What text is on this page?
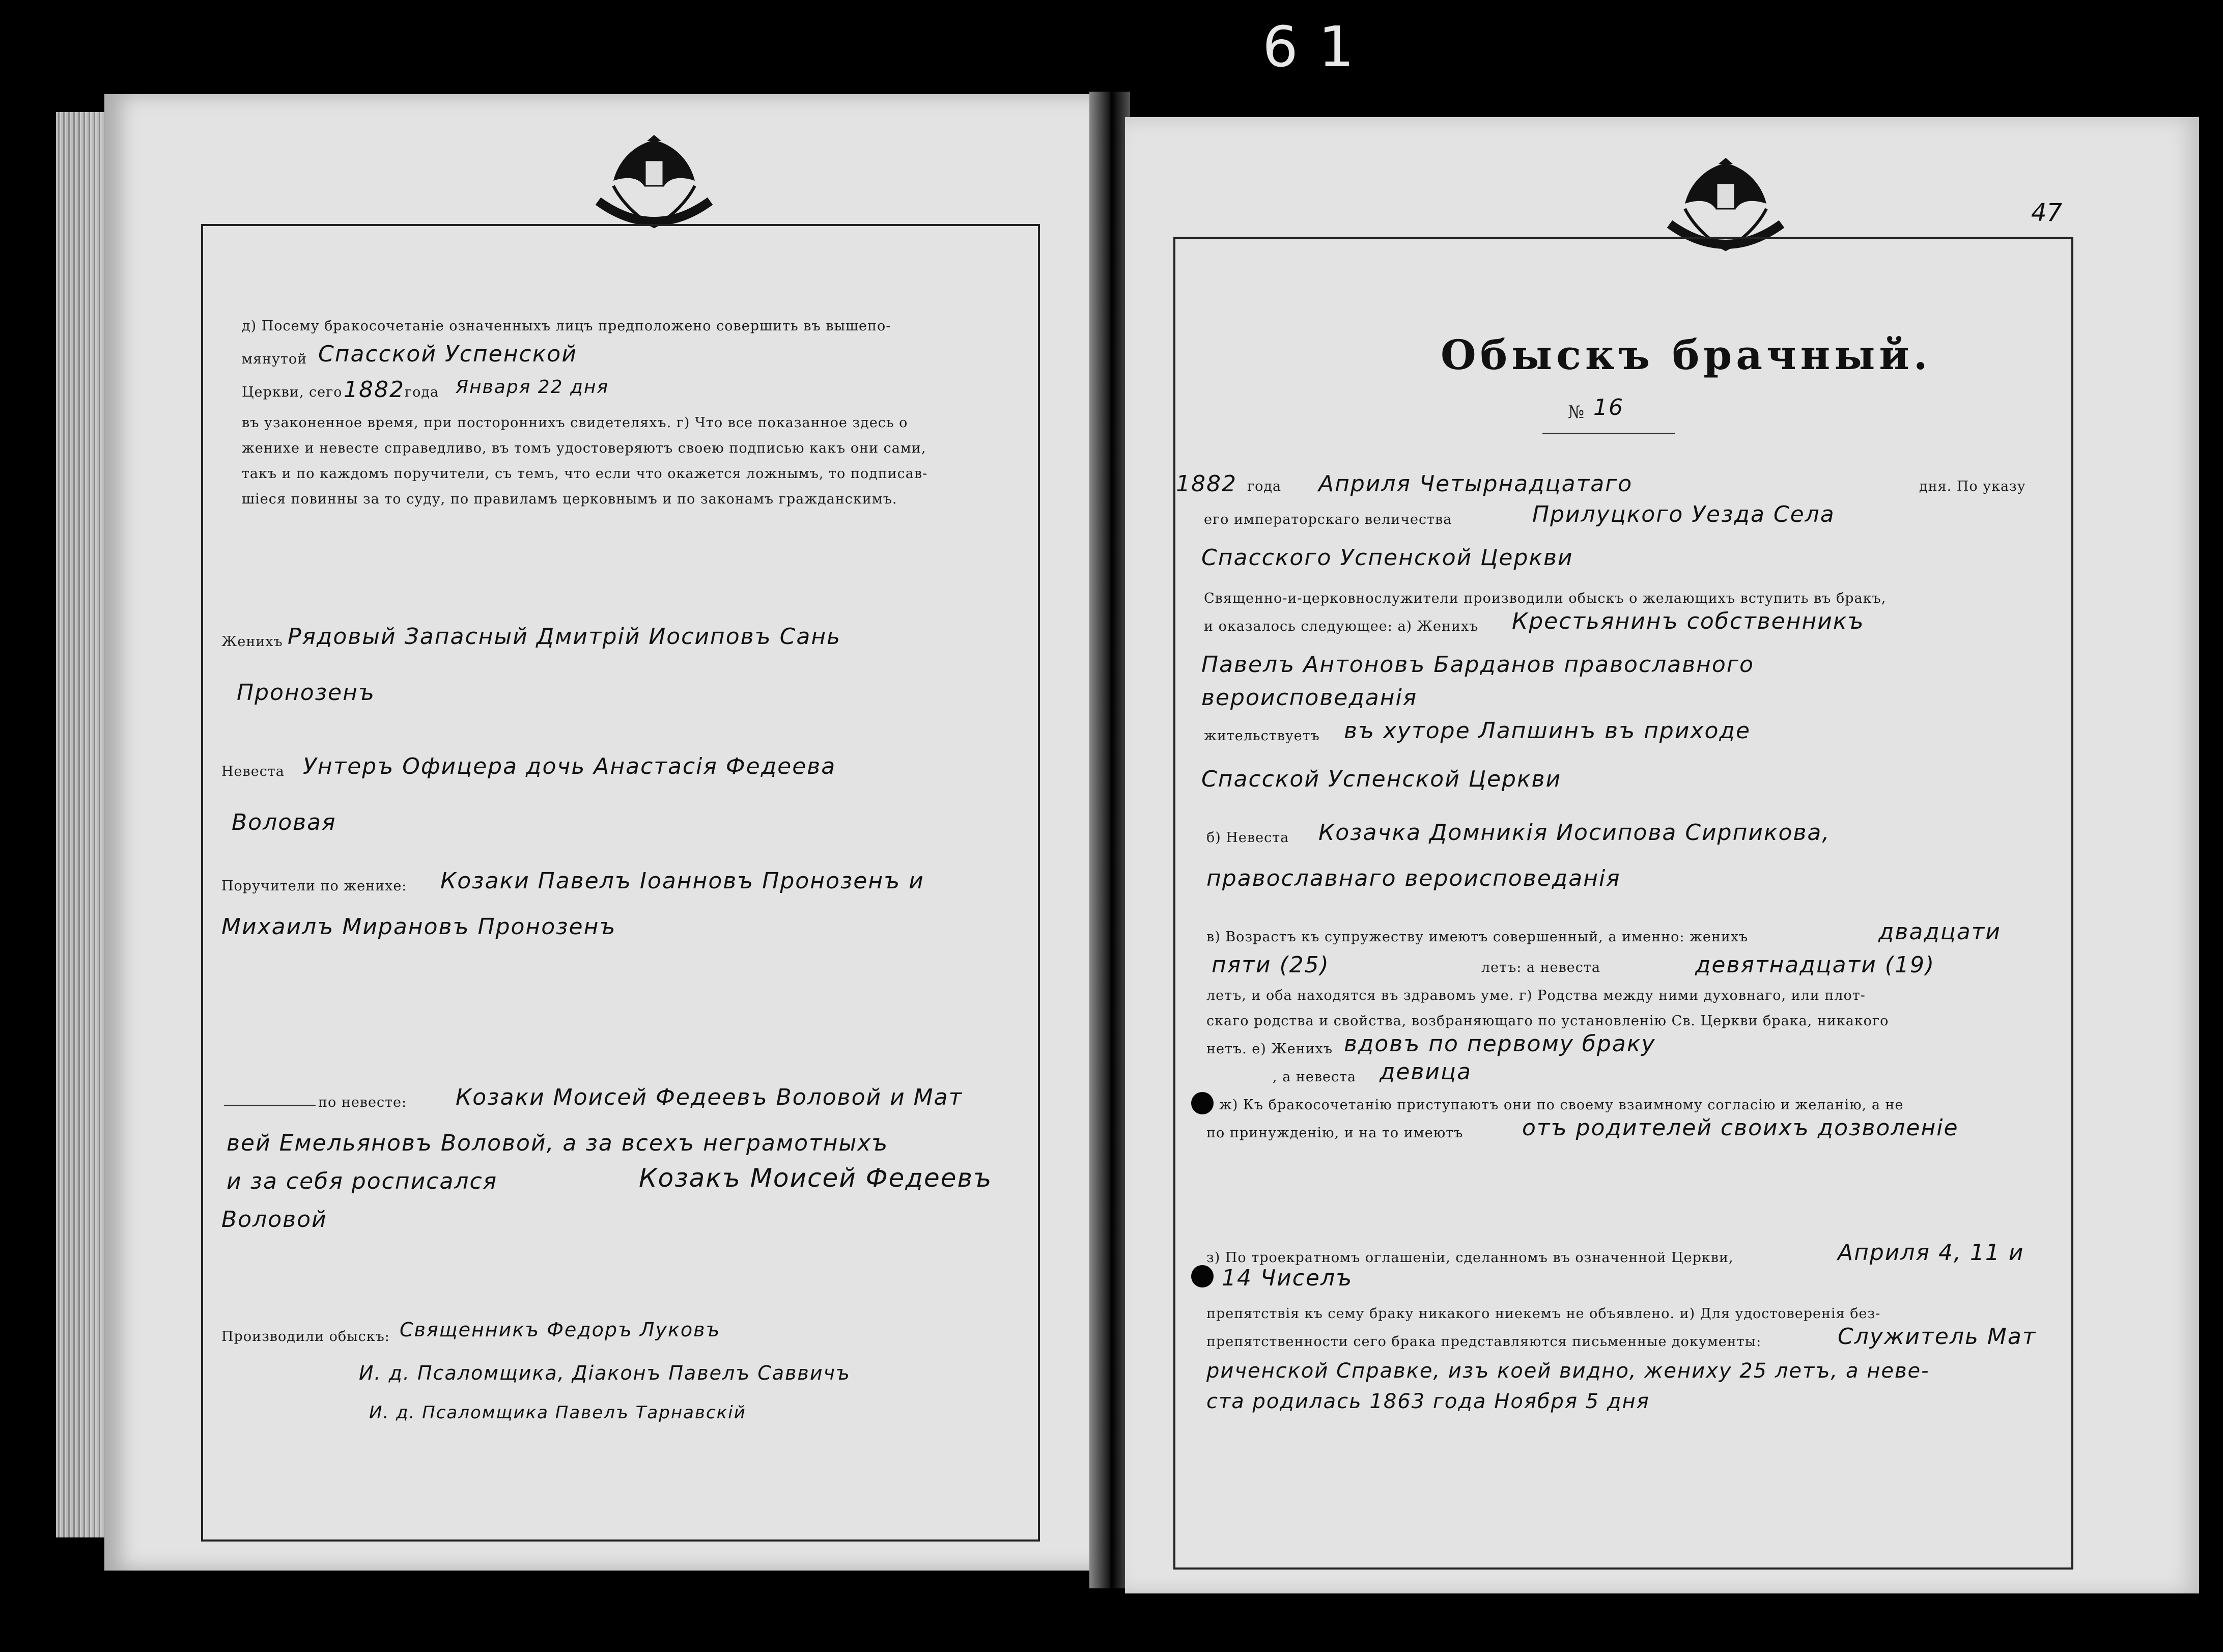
61
д) Посему бракосочетанiе означенныхъ лицъ предположено совершить въ вышепо-
мянутой Спасской Успенской
Церкви, сего 1882 года Января 22 дня
въ узаконенное время, при постороннихъ свидетеляхъ. г) Что все показанное здесь о
женихе и невесте справедливо, въ томъ удостоверяютъ своею подписью какъ они сами,
такъ и по каждомъ поручители, съ темъ, что если что окажется ложнымъ, то подписав-
шiеся повинны за то суду, по правиламъ церковнымъ и по законамъ гражданскимъ.
Женихъ Рядовый Запасный Дмитрiй Иосиповъ Сань
Пронозенъ
Невеста Унтеръ Офицера дочь Анастасiя Федеева
Воловая
Поручители по женихе: Козаки Павелъ Iоанновъ Пронозенъ и
Михаилъ Мирановъ Пронозенъ
по невесте: Козаки Моисей Федеевъ Воловой и Мат
вей Емельяновъ Воловой, а за всехъ неграмотныхъ
и за себя росписался	Козакъ Моисей Федеевъ
Воловой
Производили обыскъ: Священникъ Федоръ Луковъ
И. д. Псаломщика, Діаконъ Павелъ Саввичъ
И. д. Псаломщика Павелъ Тарнавскiй
47
Обыскъ брачный.
№ 16
1882 года Априля Четырнадцатаго	дня. По указу
его императорскаго величества	Прилуцкого Уезда Села
Спасского Успенской Церкви
Священно-и-церковнослужители производили обыскъ о желающихъ вступить въ бракъ,
и оказалось следующее: а) Женихъ Крестьянинъ собственникъ
Павелъ Антоновъ Барданов православного
вероисповеданiя
жительствуетъ въ хуторе Лапшинъ въ приходе
Спасской Успенской Церкви
б) Невеста Козачка Домникiя Иосипова Сирпикова,
православнаго вероисповеданiя
в) Возрастъ къ супружеству имеютъ совершенный, а именно: женихъ	двадцати
пяти (25)	летъ: а невеста	девятнадцати (19)
летъ, и оба находятся въ здравомъ уме. г) Родства между ними духовнаго, или плот-
скаго родства и свойства, возбраняющаго по установленiю Св. Церкви брака, никакого
нетъ. е) Женихъ вдовъ по первому браку
, а невеста девица
ж) Къ бракосочетанiю приступаютъ они по своему взаимному согласiю и желанiю, а не
по принужденiю, и на то имеютъ	отъ родителей своихъ дозволенiе
з) По троекратномъ оглашенiи, сделанномъ въ означенной Церкви,	Априля 4, 11 и
14 Чиселъ
препятствiя къ сему браку никакого ниекемъ не объявлено. и) Для удостоверенiя без-
препятственности сего брака представляются письменные документы:	Служитель Мат
риченской Справке, изъ коей видно, жениху 25 летъ, а неве-
ста родилась 1863 года Ноября 5 дня
